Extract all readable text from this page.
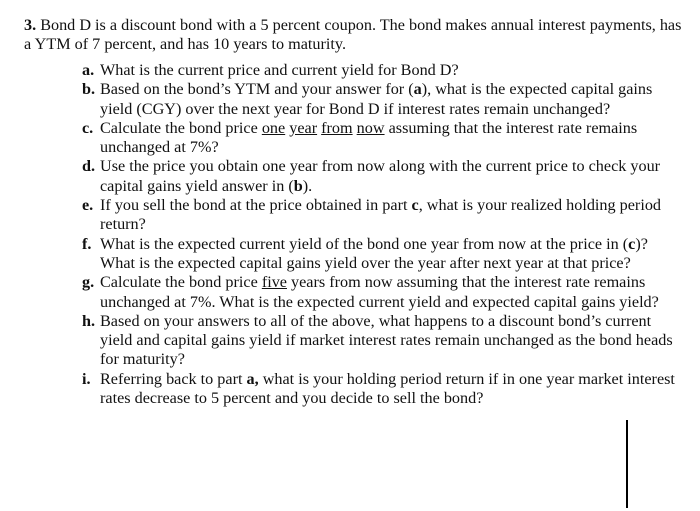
3. Bond D is a discount bond with a 5 percent coupon. The bond makes annual interest payments, has a YTM of 7 percent, and has 10 years to maturity.
a. What is the current price and current yield for Bond D?
b. Based on the bond’s YTM and your answer for (a), what is the expected capital gains yield (CGY) over the next year for Bond D if interest rates remain unchanged?
c. Calculate the bond price one year from now assuming that the interest rate remains unchanged at 7%?
d. Use the price you obtain one year from now along with the current price to check your capital gains yield answer in (b).
e. If you sell the bond at the price obtained in part c, what is your realized holding period return?
f. What is the expected current yield of the bond one year from now at the price in (c)? What is the expected capital gains yield over the year after next year at that price?
g. Calculate the bond price five years from now assuming that the interest rate remains unchanged at 7%. What is the expected current yield and expected capital gains yield?
h. Based on your answers to all of the above, what happens to a discount bond’s current yield and capital gains yield if market interest rates remain unchanged as the bond heads for maturity?
i. Referring back to part a, what is your holding period return if in one year market interest rates decrease to 5 percent and you decide to sell the bond?
